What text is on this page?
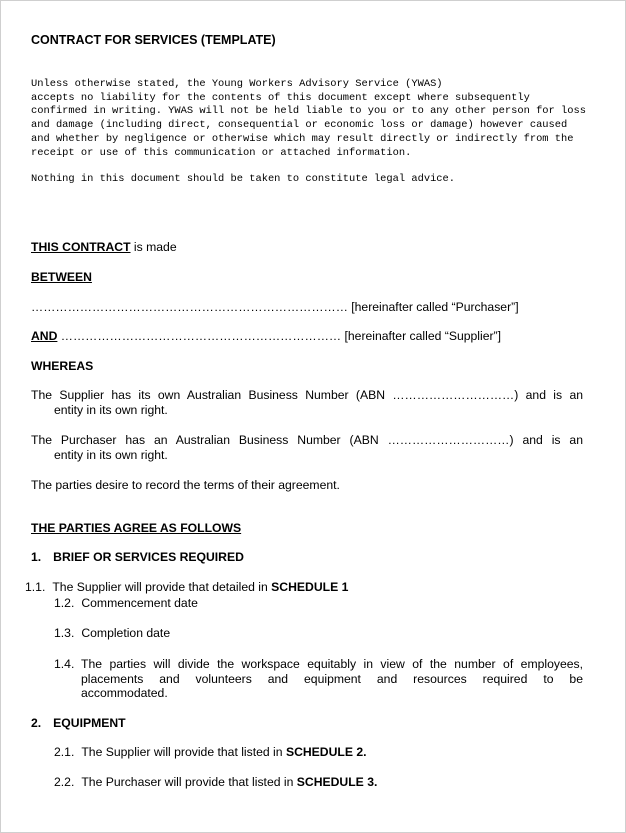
CONTRACT FOR SERVICES (TEMPLATE)
Unless otherwise stated, the Young Workers Advisory Service (YWAS)
accepts no liability for the contents of this document except where subsequently
confirmed in writing. YWAS will not be held liable to you or to any other person for loss
and damage (including direct, consequential or economic loss or damage) however caused
and whether by negligence or otherwise which may result directly or indirectly from the
receipt or use of this communication or attached information.
Nothing in this document should be taken to constitute legal advice.
THIS CONTRACT is made
BETWEEN
…………………………………………………………………… [hereinafter called “Purchaser”]
AND …………………………………………………………… [hereinafter called “Supplier”]
WHEREAS
The Supplier has its own Australian Business Number (ABN …………………………) and is an
entity in its own right.
The Purchaser has an Australian Business Number (ABN …………………………) and is an
entity in its own right.
The parties desire to record the terms of their agreement.
THE PARTIES AGREE AS FOLLOWS
1. BRIEF OR SERVICES REQUIRED
1.1. The Supplier will provide that detailed in SCHEDULE 1
1.2. Commencement date
1.3. Completion date
1.4. The parties will divide the workspace equitably in view of the number of employees,
placements and volunteers and equipment and resources required to be
accommodated.
2. EQUIPMENT
2.1. The Supplier will provide that listed in SCHEDULE 2.
2.2. The Purchaser will provide that listed in SCHEDULE 3.
